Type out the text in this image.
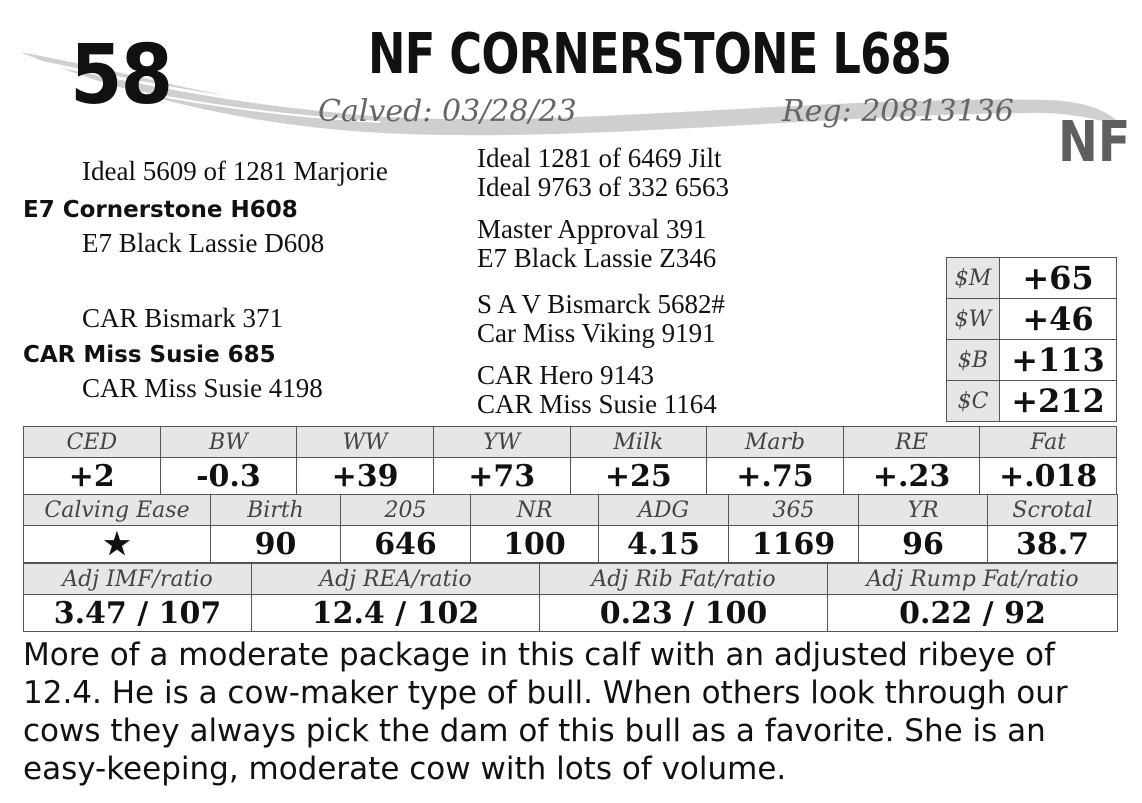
58	NF CORNERSTONE L685
Calved: 03/28/23	Reg: 20813136 NF
Ideal 5609 of 1281 Marjorie
E7 Cornerstone H608
E7 Black Lassie D608
Ideal 1281 of 6469 Jilt
Ideal 9763 of 332 6563
Master Approval 391
E7 Black Lassie Z346
CAR Bismark 371
CAR Miss Susie 685
CAR Miss Susie 4198
S A V Bismarck 5682#
Car Miss Viking 9191
CAR Hero 9143
CAR Miss Susie 1164
$M	+65
$W	+46
$B	+113
$C	+212
CED	BW	WW	YW	Milk	Marb	RE	Fat
+2	-0.3	+39	+73	+25	+.75	+.23	+.018
Calving Ease	Birth	205	NR	ADG	365	YR	Scrotal
★	90	646	100	4.15	1169	96	38.7
Adj IMF/ratio	Adj REA/ratio	Adj Rib Fat/ratio	Adj Rump Fat/ratio
3.47 / 107	12.4 / 102	0.23 / 100	0.22 / 92
More of a moderate package in this calf with an adjusted ribeye of 12.4. He is a cow-maker type of bull. When others look through our cows they always pick the dam of this bull as a favorite. She is an easy-keeping, moderate cow with lots of volume.
